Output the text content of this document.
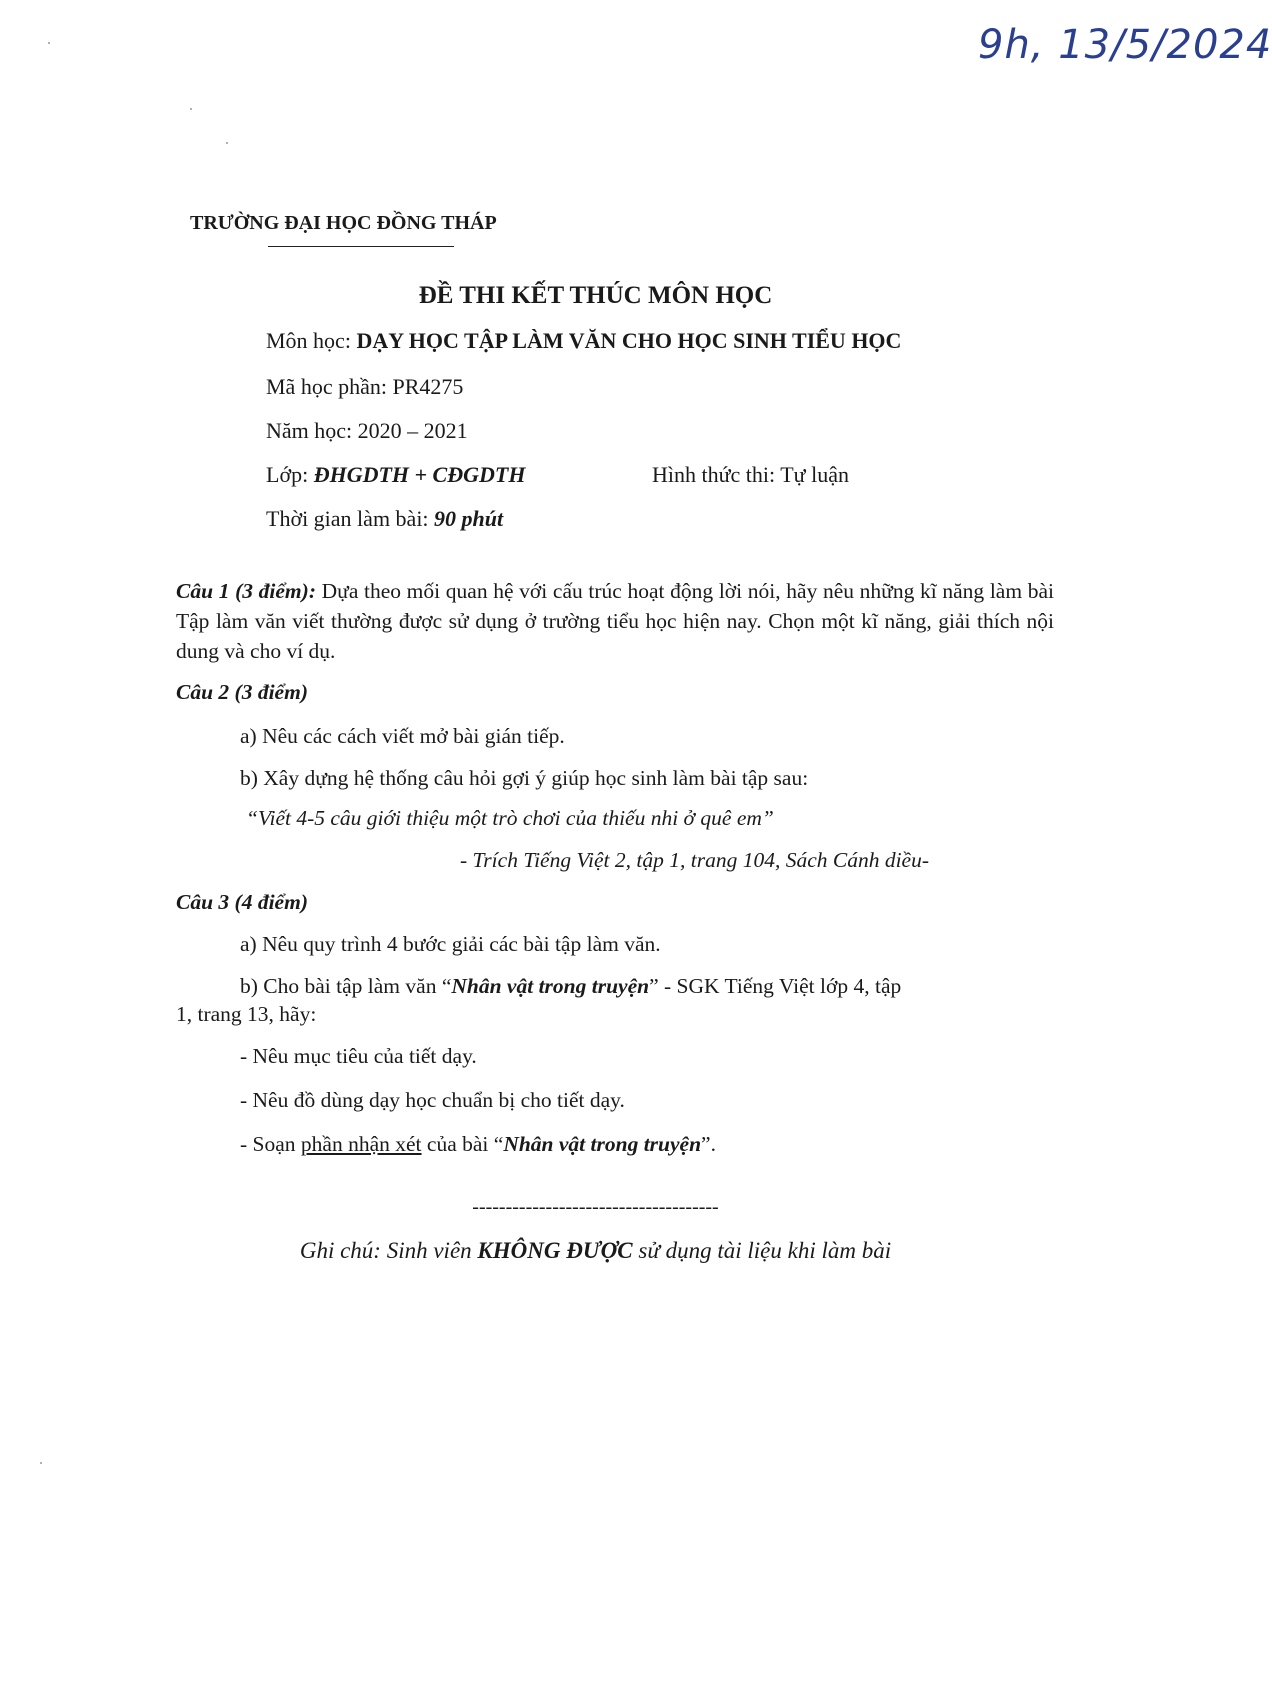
9h, 13/5/2024
TRƯỜNG ĐẠI HỌC ĐỒNG THÁP
ĐỀ THI KẾT THÚC MÔN HỌC
Môn học: DẠY HỌC TẬP LÀM VĂN CHO HỌC SINH TIỂU HỌC
Mã học phần: PR4275
Năm học: 2020 – 2021
Lớp: ĐHGDTH + CĐGDTH	Hình thức thi: Tự luận
Thời gian làm bài: 90 phút
Câu 1 (3 điểm): Dựa theo mối quan hệ với cấu trúc hoạt động lời nói, hãy nêu những kĩ năng làm bài Tập làm văn viết thường được sử dụng ở trường tiểu học hiện nay. Chọn một kĩ năng, giải thích nội dung và cho ví dụ.
Câu 2 (3 điểm)
a) Nêu các cách viết mở bài gián tiếp.
b) Xây dựng hệ thống câu hỏi gợi ý giúp học sinh làm bài tập sau:
“Viết 4-5 câu giới thiệu một trò chơi của thiếu nhi ở quê em”
- Trích Tiếng Việt 2, tập 1, trang 104, Sách Cánh diều-
Câu 3 (4 điểm)
a) Nêu quy trình 4 bước giải các bài tập làm văn.
b) Cho bài tập làm văn “Nhân vật trong truyện” - SGK Tiếng Việt lớp 4, tập
1, trang 13, hãy:
- Nêu mục tiêu của tiết dạy.
- Nêu đồ dùng dạy học chuẩn bị cho tiết dạy.
- Soạn phần nhận xét của bài “Nhân vật trong truyện”.
-------------------------------------
Ghi chú: Sinh viên KHÔNG ĐƯỢC sử dụng tài liệu khi làm bài
